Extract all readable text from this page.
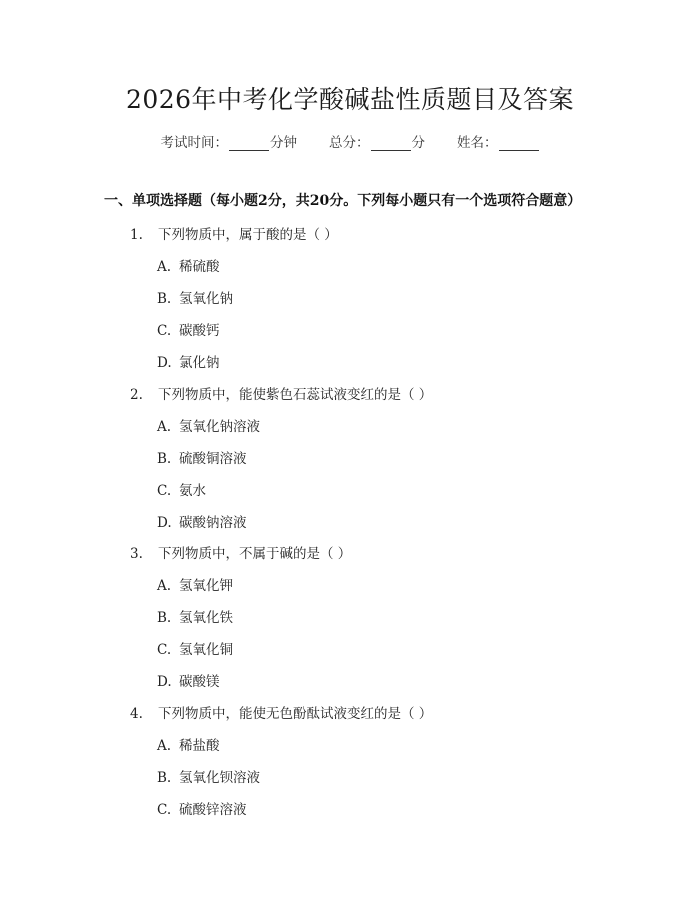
2026年中考化学酸碱盐性质题目及答案
考试时间：	分钟 总分：	分 姓名：
一、单项选择题（每小题2分，共20分。下列每小题只有一个选项符合题意）
1. 下列物质中，属于酸的是（ ）
A. 稀硫酸
B. 氢氧化钠
C. 碳酸钙
D. 氯化钠
2. 下列物质中，能使紫色石蕊试液变红的是（ ）
A. 氢氧化钠溶液
B. 硫酸铜溶液
C. 氨水
D. 碳酸钠溶液
3. 下列物质中，不属于碱的是（ ）
A. 氢氧化钾
B. 氢氧化铁
C. 氢氧化铜
D. 碳酸镁
4. 下列物质中，能使无色酚酞试液变红的是（ ）
A. 稀盐酸
B. 氢氧化钡溶液
C. 硫酸锌溶液
